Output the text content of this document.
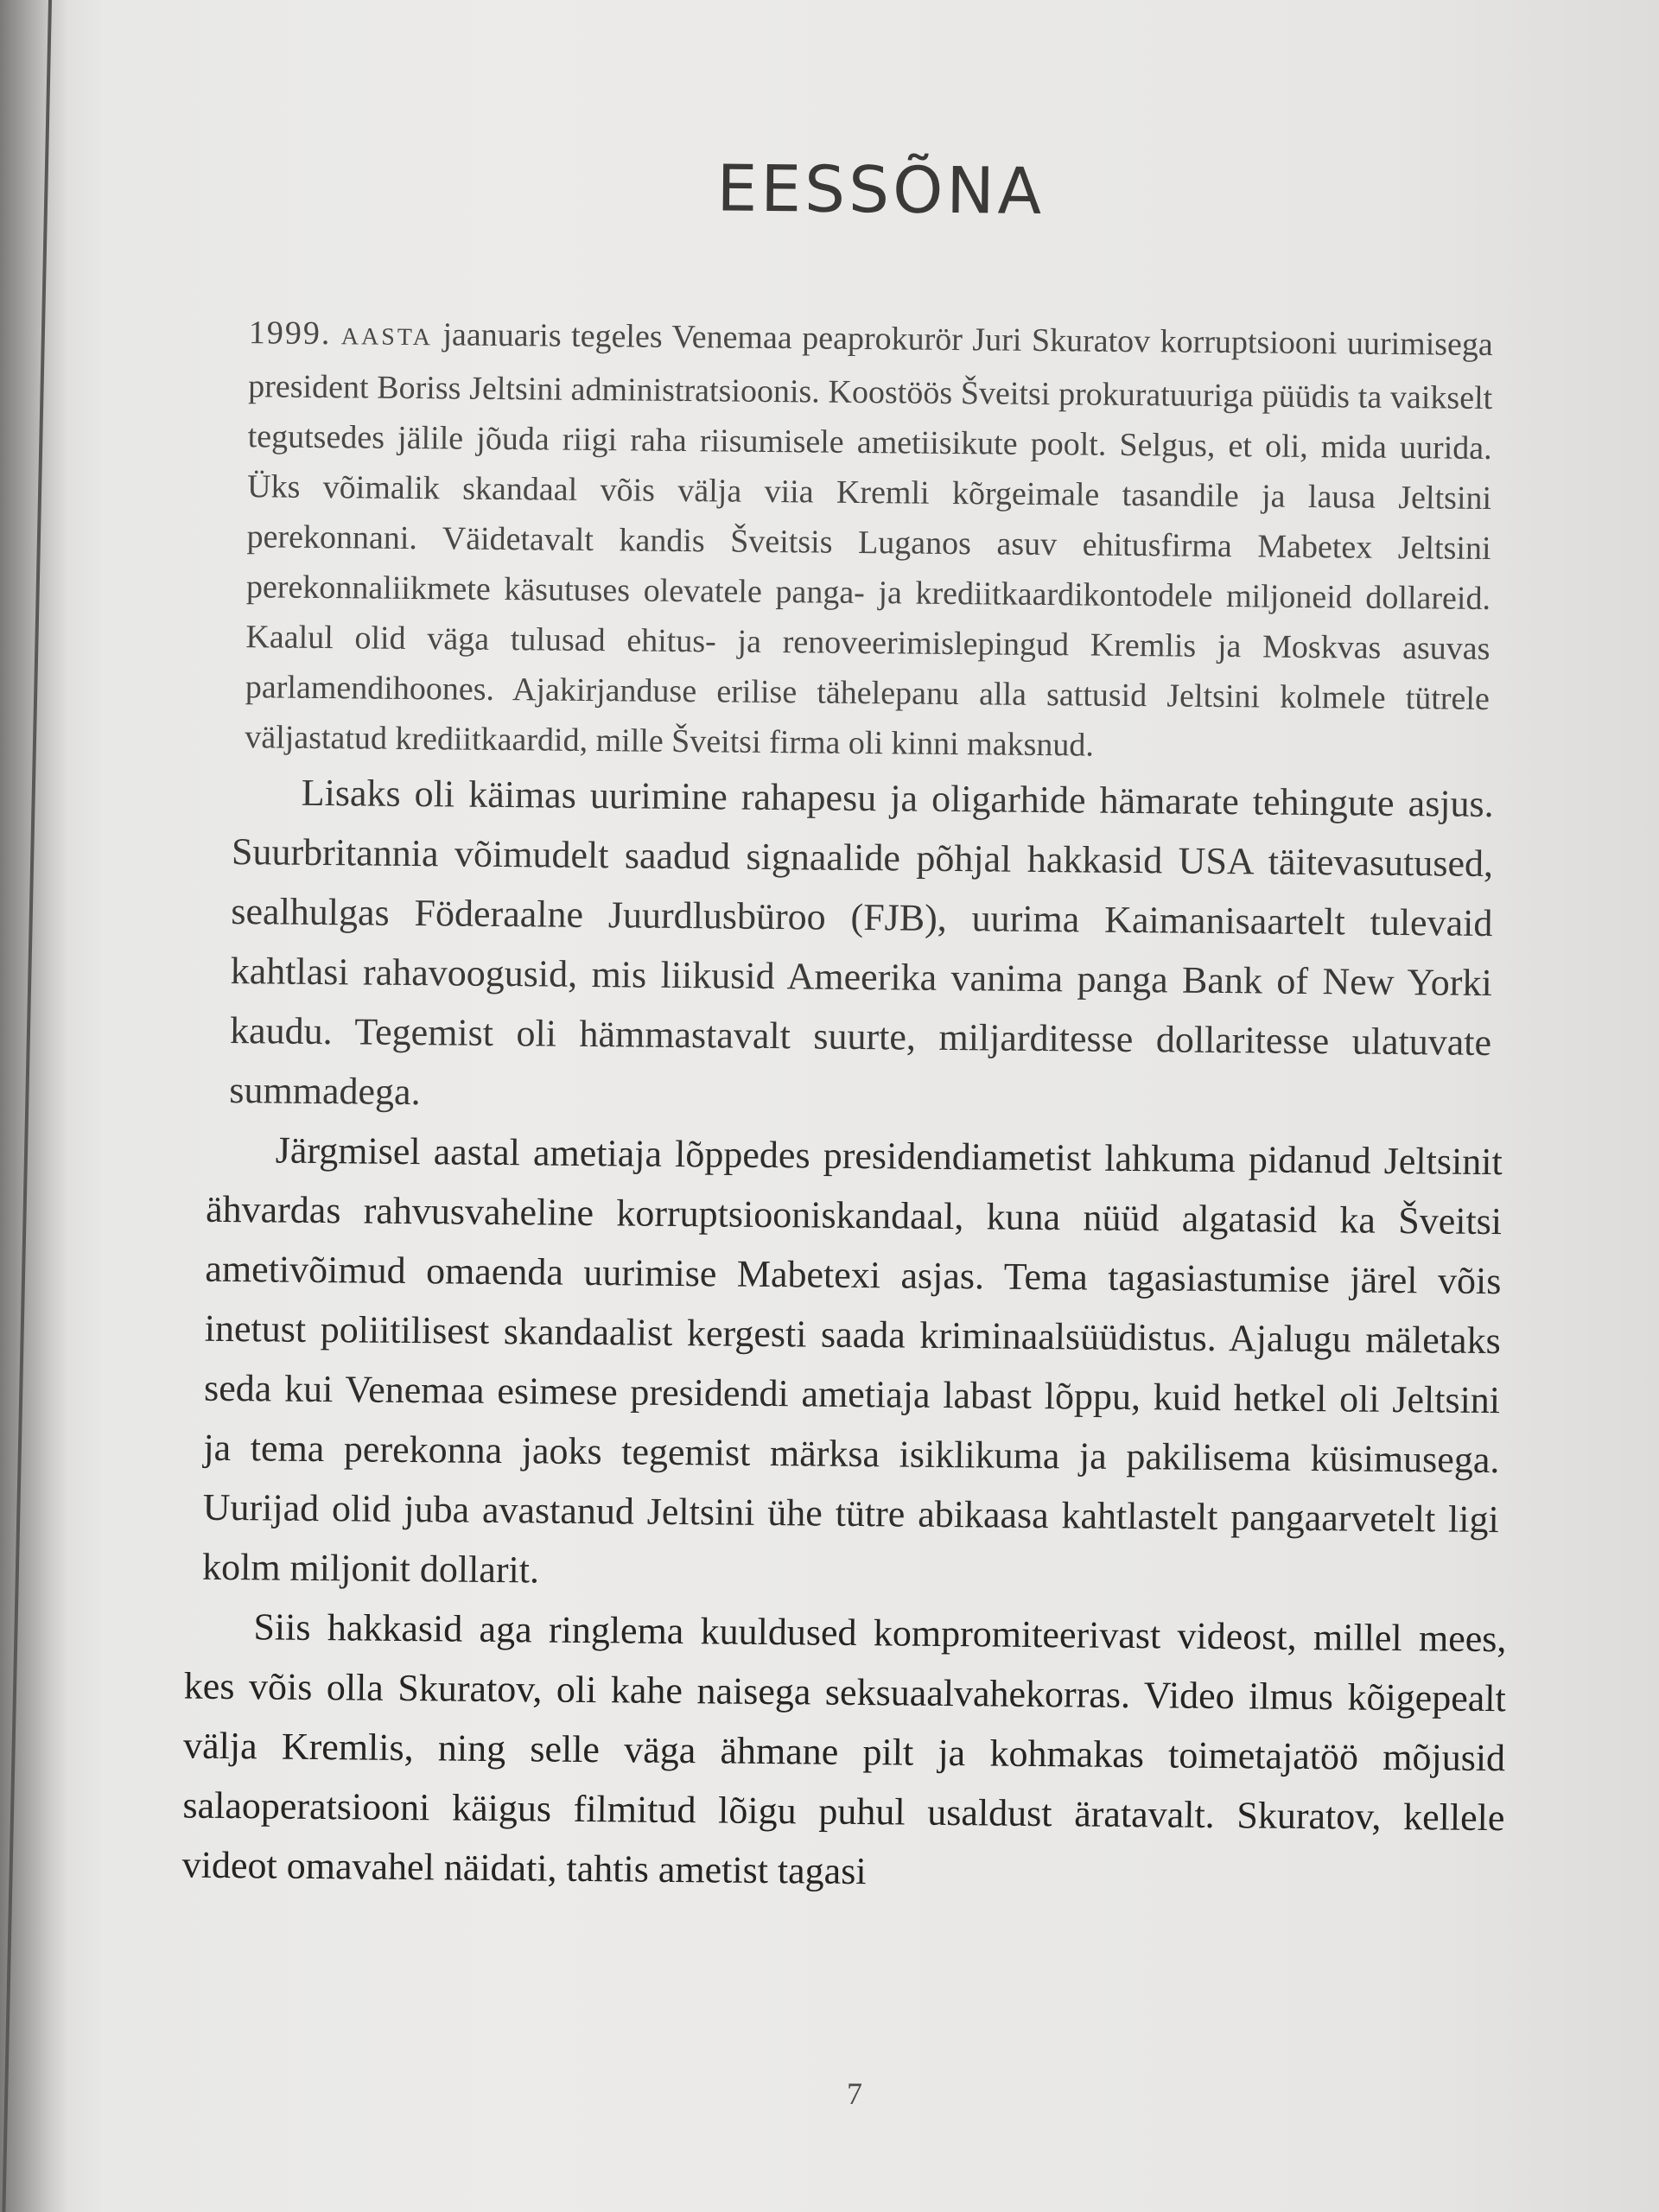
EESSÕNA

1999. AASTA jaanuaris tegeles Venemaa peaprokurör Juri Skuratov korruptsiooni uurimisega president Boriss Jeltsini administratsioonis. Koostöös Šveitsi prokuratuuriga püüdis ta vaikselt tegutsedes jälile jõuda riigi raha riisumisele ametiisikute poolt. Selgus, et oli, mida uurida. Üks võimalik skandaal võis välja viia Kremli kõrgeimale tasandile ja lausa Jeltsini perekonnani. Väidetavalt kandis Šveitsis Luganos asuv ehitusfirma Mabetex Jeltsini perekonnaliikmete käsutuses olevatele panga- ja krediitkaardikontodele miljoneid dollareid. Kaalul olid väga tulusad ehitus- ja renoveerimislepingud Kremlis ja Moskvas asuvas parlamendihoones. Ajakirjanduse erilise tähelepanu alla sattusid Jeltsini kolmele tütrele väljastatud krediitkaardid, mille Šveitsi firma oli kinni maksnud.

Lisaks oli käimas uurimine rahapesu ja oligarhide hämarate tehingute asjus. Suurbritannia võimudelt saadud signaalide põhjal hakkasid USA täitevasutused, sealhulgas Föderaalne Juurdlusbüroo (FJB), uurima Kaimanisaartelt tulevaid kahtlasi rahavoogusid, mis liikusid Ameerika vanima panga Bank of New Yorki kaudu. Tegemist oli hämmastavalt suurte, miljarditesse dollaritesse ulatuvate summadega.

Järgmisel aastal ametiaja lõppedes presidendiametist lahkuma pidanud Jeltsinit ähvardas rahvusvaheline korruptsiooniskandaal, kuna nüüd algatasid ka Šveitsi ametivõimud omaenda uurimise Mabetexi asjas. Tema tagasiastumise järel võis inetust poliitilisest skandaalist kergesti saada kriminaalsüüdistus. Ajalugu mäletaks seda kui Venemaa esimese presidendi ametiaja labast lõppu, kuid hetkel oli Jeltsini ja tema perekonna jaoks tegemist märksa isiklikuma ja pakilisema küsimusega. Uurijad olid juba avastanud Jeltsini ühe tütre abikaasa kahtlastelt pangaarvetelt ligi kolm miljonit dollarit.

Siis hakkasid aga ringlema kuuldused kompromiteerivast videost, millel mees, kes võis olla Skuratov, oli kahe naisega seksuaalvahekorras. Video ilmus kõigepealt välja Kremlis, ning selle väga ähmane pilt ja kohmakas toimetajatöö mõjusid salaoperatsiooni käigus filmitud lõigu puhul usaldust äratavalt. Skuratov, kellele videot omavahel näidati, tahtis ametist tagasi

7
